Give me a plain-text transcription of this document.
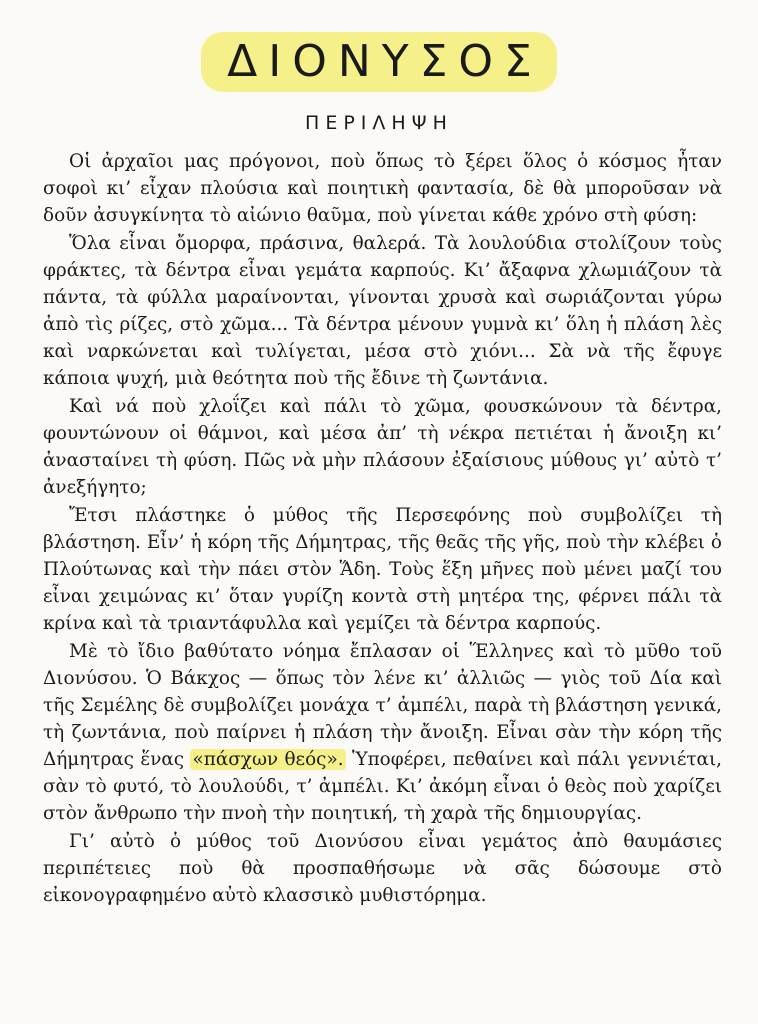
ΔΙΟΝΥΣΟΣ
ΠΕΡΙΛΗΨΗ

Οἱ ἀρχαῖοι μας πρόγονοι, ποὺ ὅπως τὸ ξέρει ὅλος ὁ κόσμος ἦταν σοφοὶ κι’ εἶχαν πλούσια καὶ ποιητικὴ φαντασία, δὲ θὰ μποροῦσαν νὰ δοῦν ἀσυγκίνητα τὸ αἰώνιο θαῦμα, ποὺ γίνεται κάθε χρόνο στὴ φύση:

Ὅλα εἶναι ὄμορφα, πράσινα, θαλερά. Τὰ λουλούδια στολίζουν τοὺς φράκτες, τὰ δέντρα εἶναι γεμάτα καρπούς. Κι’ ἄξαφνα χλωμιάζουν τὰ πάντα, τὰ φύλλα μαραίνονται, γίνονται χρυσὰ καὶ σωριάζονται γύρω ἀπὸ τὶς ρίζες, στὸ χῶμα... Τὰ δέντρα μένουν γυμνὰ κι’ ὅλη ἡ πλάση λὲς καὶ ναρκώνεται καὶ τυλίγεται, μέσα στὸ χιόνι... Σὰ νὰ τῆς ἔφυγε κάποια ψυχή, μιὰ θεότητα ποὺ τῆς ἔδινε τὴ ζωντάνια.

Καὶ νά ποὺ χλοΐζει καὶ πάλι τὸ χῶμα, φουσκώνουν τὰ δέντρα, φουντώνουν οἱ θάμνοι, καὶ μέσα ἀπ’ τὴ νέκρα πετιέται ἡ ἄνοιξη κι’ ἀνασταίνει τὴ φύση. Πῶς νὰ μὴν πλάσουν ἐξαίσιους μύθους γι’ αὐτὸ τ’ ἀνεξήγητο;

Ἔτσι πλάστηκε ὁ μύθος τῆς Περσεφόνης ποὺ συμβολίζει τὴ βλάστηση. Εἶν’ ἡ κόρη τῆς Δήμητρας, τῆς θεᾶς τῆς γῆς, ποὺ τὴν κλέβει ὁ Πλούτωνας καὶ τὴν πάει στὸν Ἅδη. Τοὺς ἕξη μῆνες ποὺ μένει μαζί του εἶναι χειμώνας κι’ ὅταν γυρίζη κοντὰ στὴ μητέρα της, φέρνει πάλι τὰ κρίνα καὶ τὰ τριαντάφυλλα καὶ γεμίζει τὰ δέντρα καρπούς.

Μὲ τὸ ἴδιο βαθύτατο νόημα ἔπλασαν οἱ Ἕλληνες καὶ τὸ μῦθο τοῦ Διονύσου. Ὁ Βάκχος — ὅπως τὸν λένε κι’ ἀλλιῶς — γιὸς τοῦ Δία καὶ τῆς Σεμέλης δὲ συμβολίζει μονάχα τ’ ἀμπέλι, παρὰ τὴ βλάστηση γενικά, τὴ ζωντάνια, ποὺ παίρνει ἡ πλάση τὴν ἄνοιξη. Εἶναι σὰν τὴν κόρη τῆς Δήμητρας ἕνας «πάσχων θεός». Ὑποφέρει, πεθαίνει καὶ πάλι γεννιέται, σὰν τὸ φυτό, τὸ λουλούδι, τ’ ἀμπέλι. Κι’ ἀκόμη εἶναι ὁ θεὸς ποὺ χαρίζει στὸν ἄνθρωπο τὴν πνοὴ τὴν ποιητική, τὴ χαρὰ τῆς δημιουργίας.

Γι’ αὐτὸ ὁ μύθος τοῦ Διονύσου εἶναι γεμάτος ἀπὸ θαυμάσιες περιπέτειες ποὺ θὰ προσπαθήσωμε νὰ σᾶς δώσουμε στὸ εἰκονογραφημένο αὐτὸ κλασσικὸ μυθιστόρημα.
